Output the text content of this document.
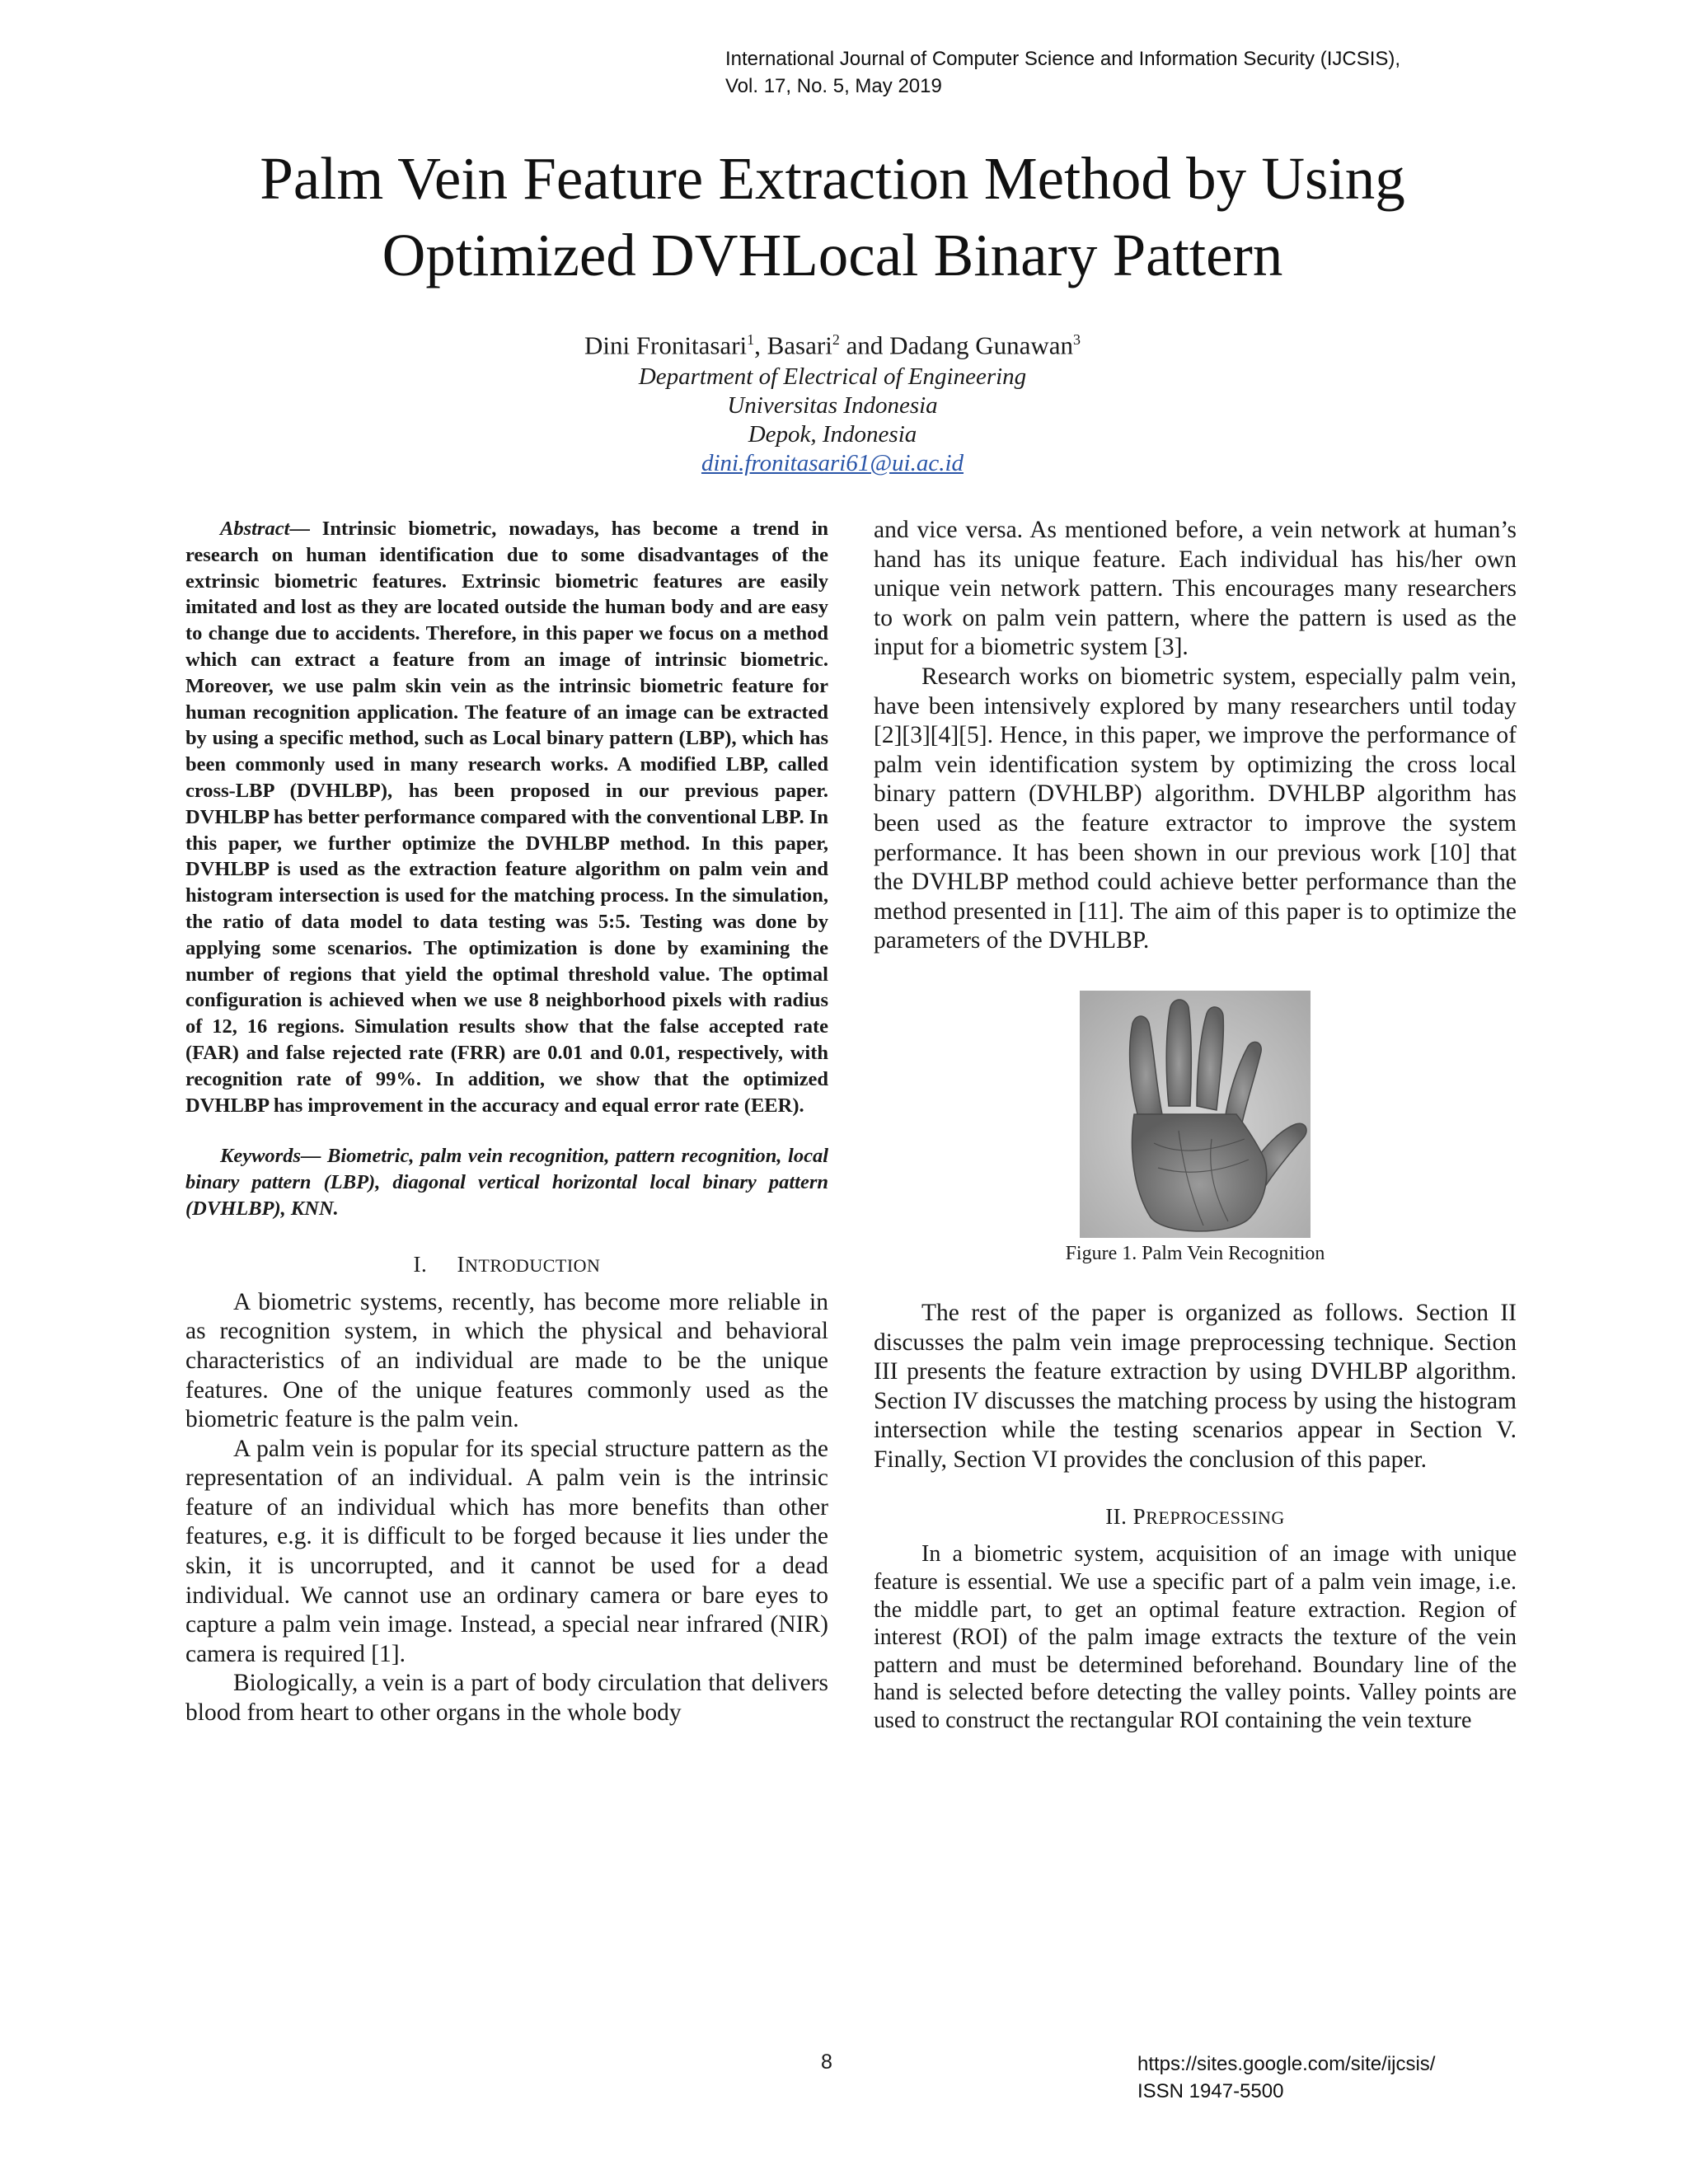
International Journal of Computer Science and Information Security (IJCSIS),
Vol. 17, No. 5, May 2019
Palm Vein Feature Extraction Method by Using
Optimized DVHLocal Binary Pattern
Dini Fronitasari$^1$, Basari$^2$ and Dadang Gunawan$^3$
Department of Electrical of Engineering
Universitas Indonesia
Depok, Indonesia
dini.fronitasari61@ui.ac.id

Abstract— Intrinsic biometric, nowadays, has become a trend in research on human identification due to some disadvantages of the extrinsic biometric features. Extrinsic biometric features are easily imitated and lost as they are located outside the human body and are easy to change due to accidents. Therefore, in this paper we focus on a method which can extract a feature from an image of intrinsic biometric. Moreover, we use palm skin vein as the intrinsic biometric feature for human recognition application. The feature of an image can be extracted by using a specific method, such as Local binary pattern (LBP), which has been commonly used in many research works. A modified LBP, called cross-LBP (DVHLBP), has been proposed in our previous paper. DVHLBP has better performance compared with the conventional LBP. In this paper, we further optimize the DVHLBP method. In this paper, DVHLBP is used as the extraction feature algorithm on palm vein and histogram intersection is used for the matching process. In the simulation, the ratio of data model to data testing was 5:5. Testing was done by applying some scenarios. The optimization is done by examining the number of regions that yield the optimal threshold value. The optimal configuration is achieved when we use 8 neighborhood pixels with radius of 12, 16 regions. Simulation results show that the false accepted rate (FAR) and false rejected rate (FRR) are 0.01 and 0.01, respectively, with recognition rate of 99%. In addition, we show that the optimized DVHLBP has improvement in the accuracy and equal error rate (EER).

Keywords— Biometric, palm vein recognition, pattern recognition, local binary pattern (LBP), diagonal vertical horizontal local binary pattern (DVHLBP), KNN.

I. INTRODUCTION

A biometric systems, recently, has become more reliable in as recognition system, in which the physical and behavioral characteristics of an individual are made to be the unique features. One of the unique features commonly used as the biometric feature is the palm vein.

A palm vein is popular for its special structure pattern as the representation of an individual. A palm vein is the intrinsic feature of an individual which has more benefits than other features, e.g. it is difficult to be forged because it lies under the skin, it is uncorrupted, and it cannot be used for a dead individual. We cannot use an ordinary camera or bare eyes to capture a palm vein image. Instead, a special near infrared (NIR) camera is required [1].

Biologically, a vein is a part of body circulation that delivers blood from heart to other organs in the whole body

and vice versa. As mentioned before, a vein network at human’s hand has its unique feature. Each individual has his/her own unique vein network pattern. This encourages many researchers to work on palm vein pattern, where the pattern is used as the input for a biometric system [3].

Research works on biometric system, especially palm vein, have been intensively explored by many researchers until today [2][3][4][5]. Hence, in this paper, we improve the performance of palm vein identification system by optimizing the cross local binary pattern (DVHLBP) algorithm. DVHLBP algorithm has been used as the feature extractor to improve the system performance. It has been shown in our previous work [10] that the DVHLBP method could achieve better performance than the method presented in [11]. The aim of this paper is to optimize the parameters of the DVHLBP.

Figure 1. Palm Vein Recognition

The rest of the paper is organized as follows. Section II discusses the palm vein image preprocessing technique. Section III presents the feature extraction by using DVHLBP algorithm. Section IV discusses the matching process by using the histogram intersection while the testing scenarios appear in Section V. Finally, Section VI provides the conclusion of this paper.

II. PREPROCESSING

In a biometric system, acquisition of an image with unique feature is essential. We use a specific part of a palm vein image, i.e. the middle part, to get an optimal feature extraction. Region of interest (ROI) of the palm image extracts the texture of the vein pattern and must be determined beforehand. Boundary line of the hand is selected before detecting the valley points. Valley points are used to construct the rectangular ROI containing the vein texture

8	https://sites.google.com/site/ijcsis/
ISSN 1947-5500
